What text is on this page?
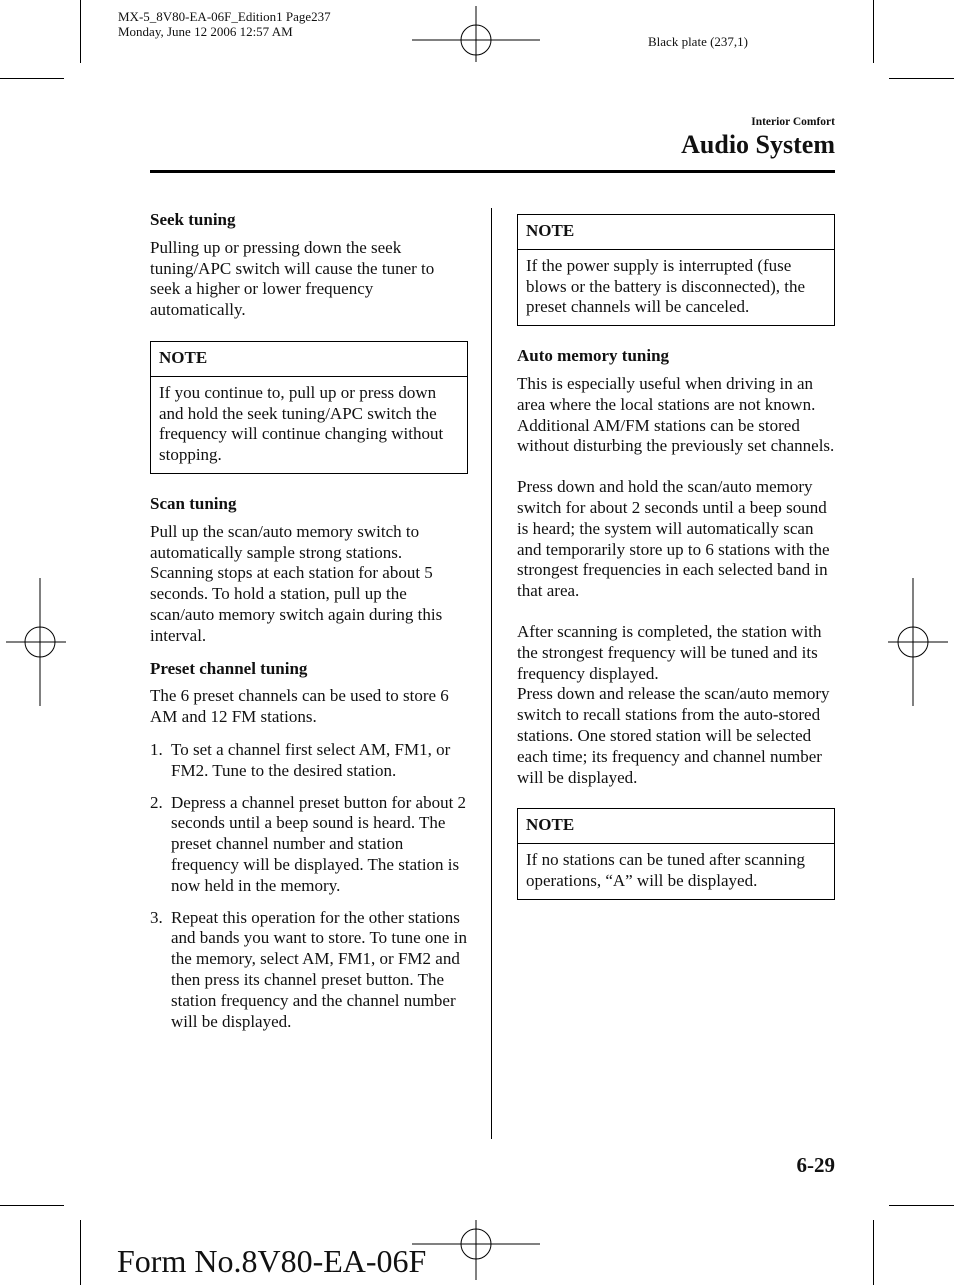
MX-5_8V80-EA-06F_Edition1 Page237
Monday, June 12 2006 12:57 AM
Black plate (237,1)
Interior Comfort
Audio System
Seek tuning
Pulling up or pressing down the seek tuning/APC switch will cause the tuner to seek a higher or lower frequency automatically.
NOTE
If you continue to, pull up or press down and hold the seek tuning/APC switch the frequency will continue changing without stopping.
Scan tuning
Pull up the scan/auto memory switch to automatically sample strong stations. Scanning stops at each station for about 5 seconds. To hold a station, pull up the scan/auto memory switch again during this interval.
Preset channel tuning
The 6 preset channels can be used to store 6 AM and 12 FM stations.
1. To set a channel first select AM, FM1, or FM2. Tune to the desired station.
2. Depress a channel preset button for about 2 seconds until a beep sound is heard. The preset channel number and station frequency will be displayed. The station is now held in the memory.
3. Repeat this operation for the other stations and bands you want to store. To tune one in the memory, select AM, FM1, or FM2 and then press its channel preset button. The station frequency and the channel number will be displayed.
NOTE
If the power supply is interrupted (fuse blows or the battery is disconnected), the preset channels will be canceled.
Auto memory tuning
This is especially useful when driving in an area where the local stations are not known. Additional AM/FM stations can be stored without disturbing the previously set channels.
Press down and hold the scan/auto memory switch for about 2 seconds until a beep sound is heard; the system will automatically scan and temporarily store up to 6 stations with the strongest frequencies in each selected band in that area.
After scanning is completed, the station with the strongest frequency will be tuned and its frequency displayed.
Press down and release the scan/auto memory switch to recall stations from the auto-stored stations. One stored station will be selected each time; its frequency and channel number will be displayed.
NOTE
If no stations can be tuned after scanning operations, “A” will be displayed.
6-29
Form No.8V80-EA-06F
